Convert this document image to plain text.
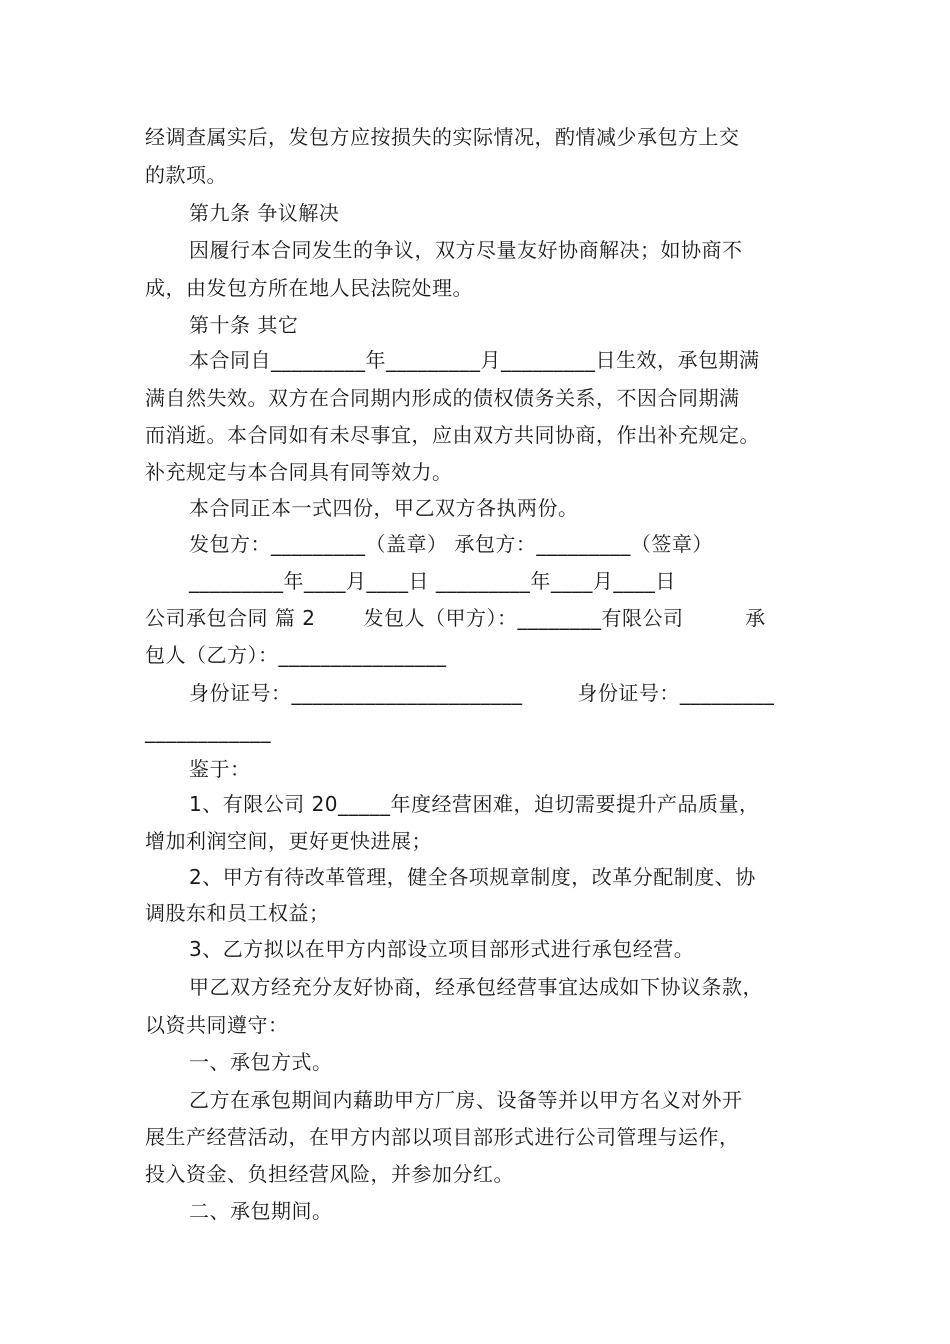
经调查属实后，发包方应按损失的实际情况，酌情减少承包方上交
的款项。
第九条 争议解决
因履行本合同发生的争议，双方尽量友好协商解决；如协商不
成，由发包方所在地人民法院处理。
第十条 其它
本合同自_________年_________月_________日生效，承包期满
满自然失效。双方在合同期内形成的债权债务关系，不因合同期满
而消逝。本合同如有未尽事宜，应由双方共同协商，作出补充规定。
补充规定与本合同具有同等效力。
本合同正本一式四份，甲乙双方各执两份。
发包方：_________（盖章） 承包方：_________（签章）
_________年____月____日 _________年____月____日
公司承包合同 篇 2       发包人（甲方）：________有限公司         承
包人（乙方）：________________
身份证号：______________________        身份证号：_________
____________
鉴于：
1、有限公司 20_____年度经营困难，迫切需要提升产品质量，
增加利润空间，更好更快进展；
2、甲方有待改革管理，健全各项规章制度，改革分配制度、协
调股东和员工权益；
3、乙方拟以在甲方内部设立项目部形式进行承包经营。
甲乙双方经充分友好协商，经承包经营事宜达成如下协议条款，
以资共同遵守：
一、承包方式。
乙方在承包期间内藉助甲方厂房、设备等并以甲方名义对外开
展生产经营活动，在甲方内部以项目部形式进行公司管理与运作，
投入资金、负担经营风险，并参加分红。
二、承包期间。
